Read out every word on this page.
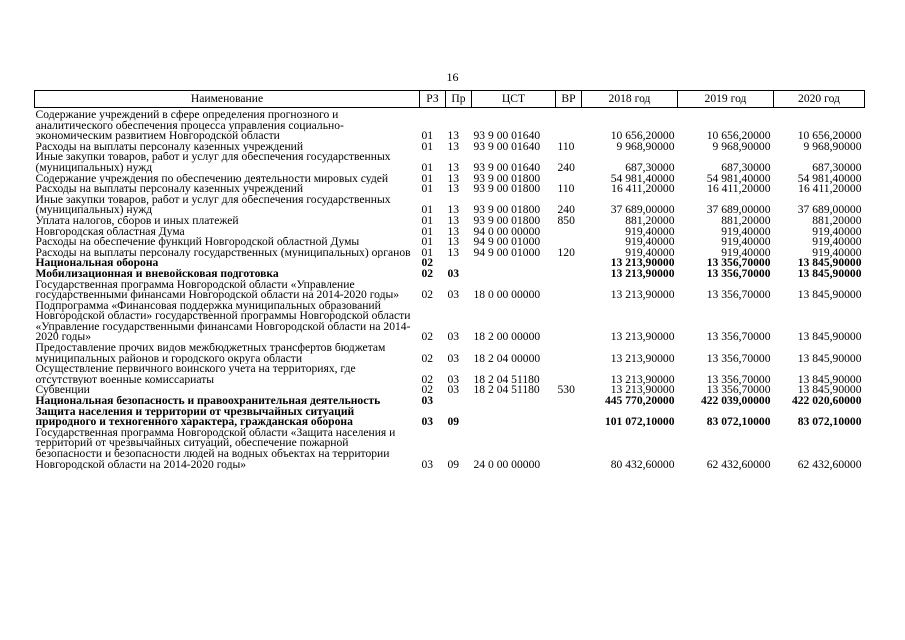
16
Наименование	РЗ	Пр	ЦСТ	ВР	2018 год	2019 год	2020 год
Содержание учреждений в сфере определения прогнозного и аналитического обеспечения процесса управления социально-экономическим развитием Новгородской области	01	13	93 9 00 01640		10 656,20000	10 656,20000	10 656,20000
Расходы на выплаты персоналу казенных учреждений	01	13	93 9 00 01640	110	9 968,90000	9 968,90000	9 968,90000
Иные закупки товаров, работ и услуг для обеспечения государственных (муниципальных) нужд	01	13	93 9 00 01640	240	687,30000	687,30000	687,30000
Содержание учреждения по обеспечению деятельности мировых судей	01	13	93 9 00 01800		54 981,40000	54 981,40000	54 981,40000
Расходы на выплаты персоналу казенных учреждений	01	13	93 9 00 01800	110	16 411,20000	16 411,20000	16 411,20000
Иные закупки товаров, работ и услуг для обеспечения государственных (муниципальных) нужд	01	13	93 9 00 01800	240	37 689,00000	37 689,00000	37 689,00000
Уплата налогов, сборов и иных платежей	01	13	93 9 00 01800	850	881,20000	881,20000	881,20000
Новгородская областная Дума	01	13	94 0 00 00000		919,40000	919,40000	919,40000
Расходы на обеспечение функций Новгородской областной Думы	01	13	94 9 00 01000		919,40000	919,40000	919,40000
Расходы на выплаты персоналу государственных (муниципальных) органов	01	13	94 9 00 01000	120	919,40000	919,40000	919,40000
Национальная оборона	02				13 213,90000	13 356,70000	13 845,90000
Мобилизационная и вневойсковая подготовка	02	03			13 213,90000	13 356,70000	13 845,90000
Государственная программа Новгородской области «Управление государственными финансами Новгородской области на 2014-2020 годы»	02	03	18 0 00 00000		13 213,90000	13 356,70000	13 845,90000
Подпрограмма «Финансовая поддержка муниципальных образований Новгородской области» государственной программы Новгородской области «Управление государственными финансами Новгородской области на 2014-2020 годы»	02	03	18 2 00 00000		13 213,90000	13 356,70000	13 845,90000
Предоставление прочих видов межбюджетных трансфертов бюджетам муниципальных районов и городского округа области	02	03	18 2 04 00000		13 213,90000	13 356,70000	13 845,90000
Осуществление первичного воинского учета на территориях, где отсутствуют военные комиссариаты	02	03	18 2 04 51180		13 213,90000	13 356,70000	13 845,90000
Субвенции	02	03	18 2 04 51180	530	13 213,90000	13 356,70000	13 845,90000
Национальная безопасность и правоохранительная деятельность	03				445 770,20000	422 039,00000	422 020,60000
Защита населения и территории от чрезвычайных ситуаций природного и техногенного характера, гражданская оборона	03	09			101 072,10000	83 072,10000	83 072,10000
Государственная программа Новгородской области «Защита населения и территорий от чрезвычайных ситуаций, обеспечение пожарной безопасности и безопасности людей на водных объектах на территории Новгородской области на 2014-2020 годы»	03	09	24 0 00 00000		80 432,60000	62 432,60000	62 432,60000
